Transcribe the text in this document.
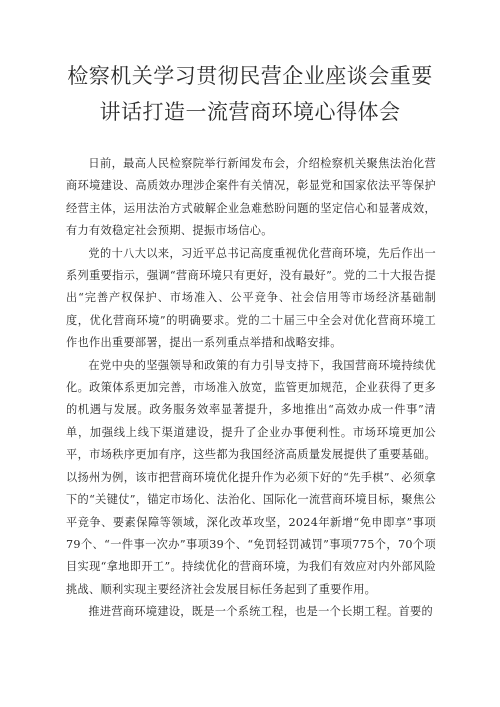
检察机关学习贯彻民营企业座谈会重要讲话打造一流营商环境心得体会

日前，最高人民检察院举行新闻发布会，介绍检察机关聚焦法治化营商环境建设、高质效办理涉企案件有关情况，彰显党和国家依法平等保护经营主体，运用法治方式破解企业急难愁盼问题的坚定信心和显著成效，有力有效稳定社会预期、提振市场信心。

党的十八大以来，习近平总书记高度重视优化营商环境，先后作出一系列重要指示，强调“营商环境只有更好，没有最好”。党的二十大报告提出“完善产权保护、市场准入、公平竞争、社会信用等市场经济基础制度，优化营商环境”的明确要求。党的二十届三中全会对优化营商环境工作也作出重要部署，提出一系列重点举措和战略安排。

在党中央的坚强领导和政策的有力引导支持下，我国营商环境持续优化。政策体系更加完善，市场准入放宽，监管更加规范，企业获得了更多的机遇与发展。政务服务效率显著提升，多地推出“高效办成一件事”清单，加强线上线下渠道建设，提升了企业办事便利性。市场环境更加公平，市场秩序更加有序，这些都为我国经济高质量发展提供了重要基础。以扬州为例，该市把营商环境优化提升作为必须下好的“先手棋”、必须拿下的“关键仗”，锚定市场化、法治化、国际化一流营商环境目标，聚焦公平竞争、要素保障等领域，深化改革攻坚，2024年新增“免申即享”事项79个、“一件事一次办”事项39个、“免罚轻罚减罚”事项775个，70个项目实现“拿地即开工”。持续优化的营商环境，为我们有效应对内外部风险挑战、顺利实现主要经济社会发展目标任务起到了重要作用。

推进营商环境建设，既是一个系统工程，也是一个长期工程。首要的
